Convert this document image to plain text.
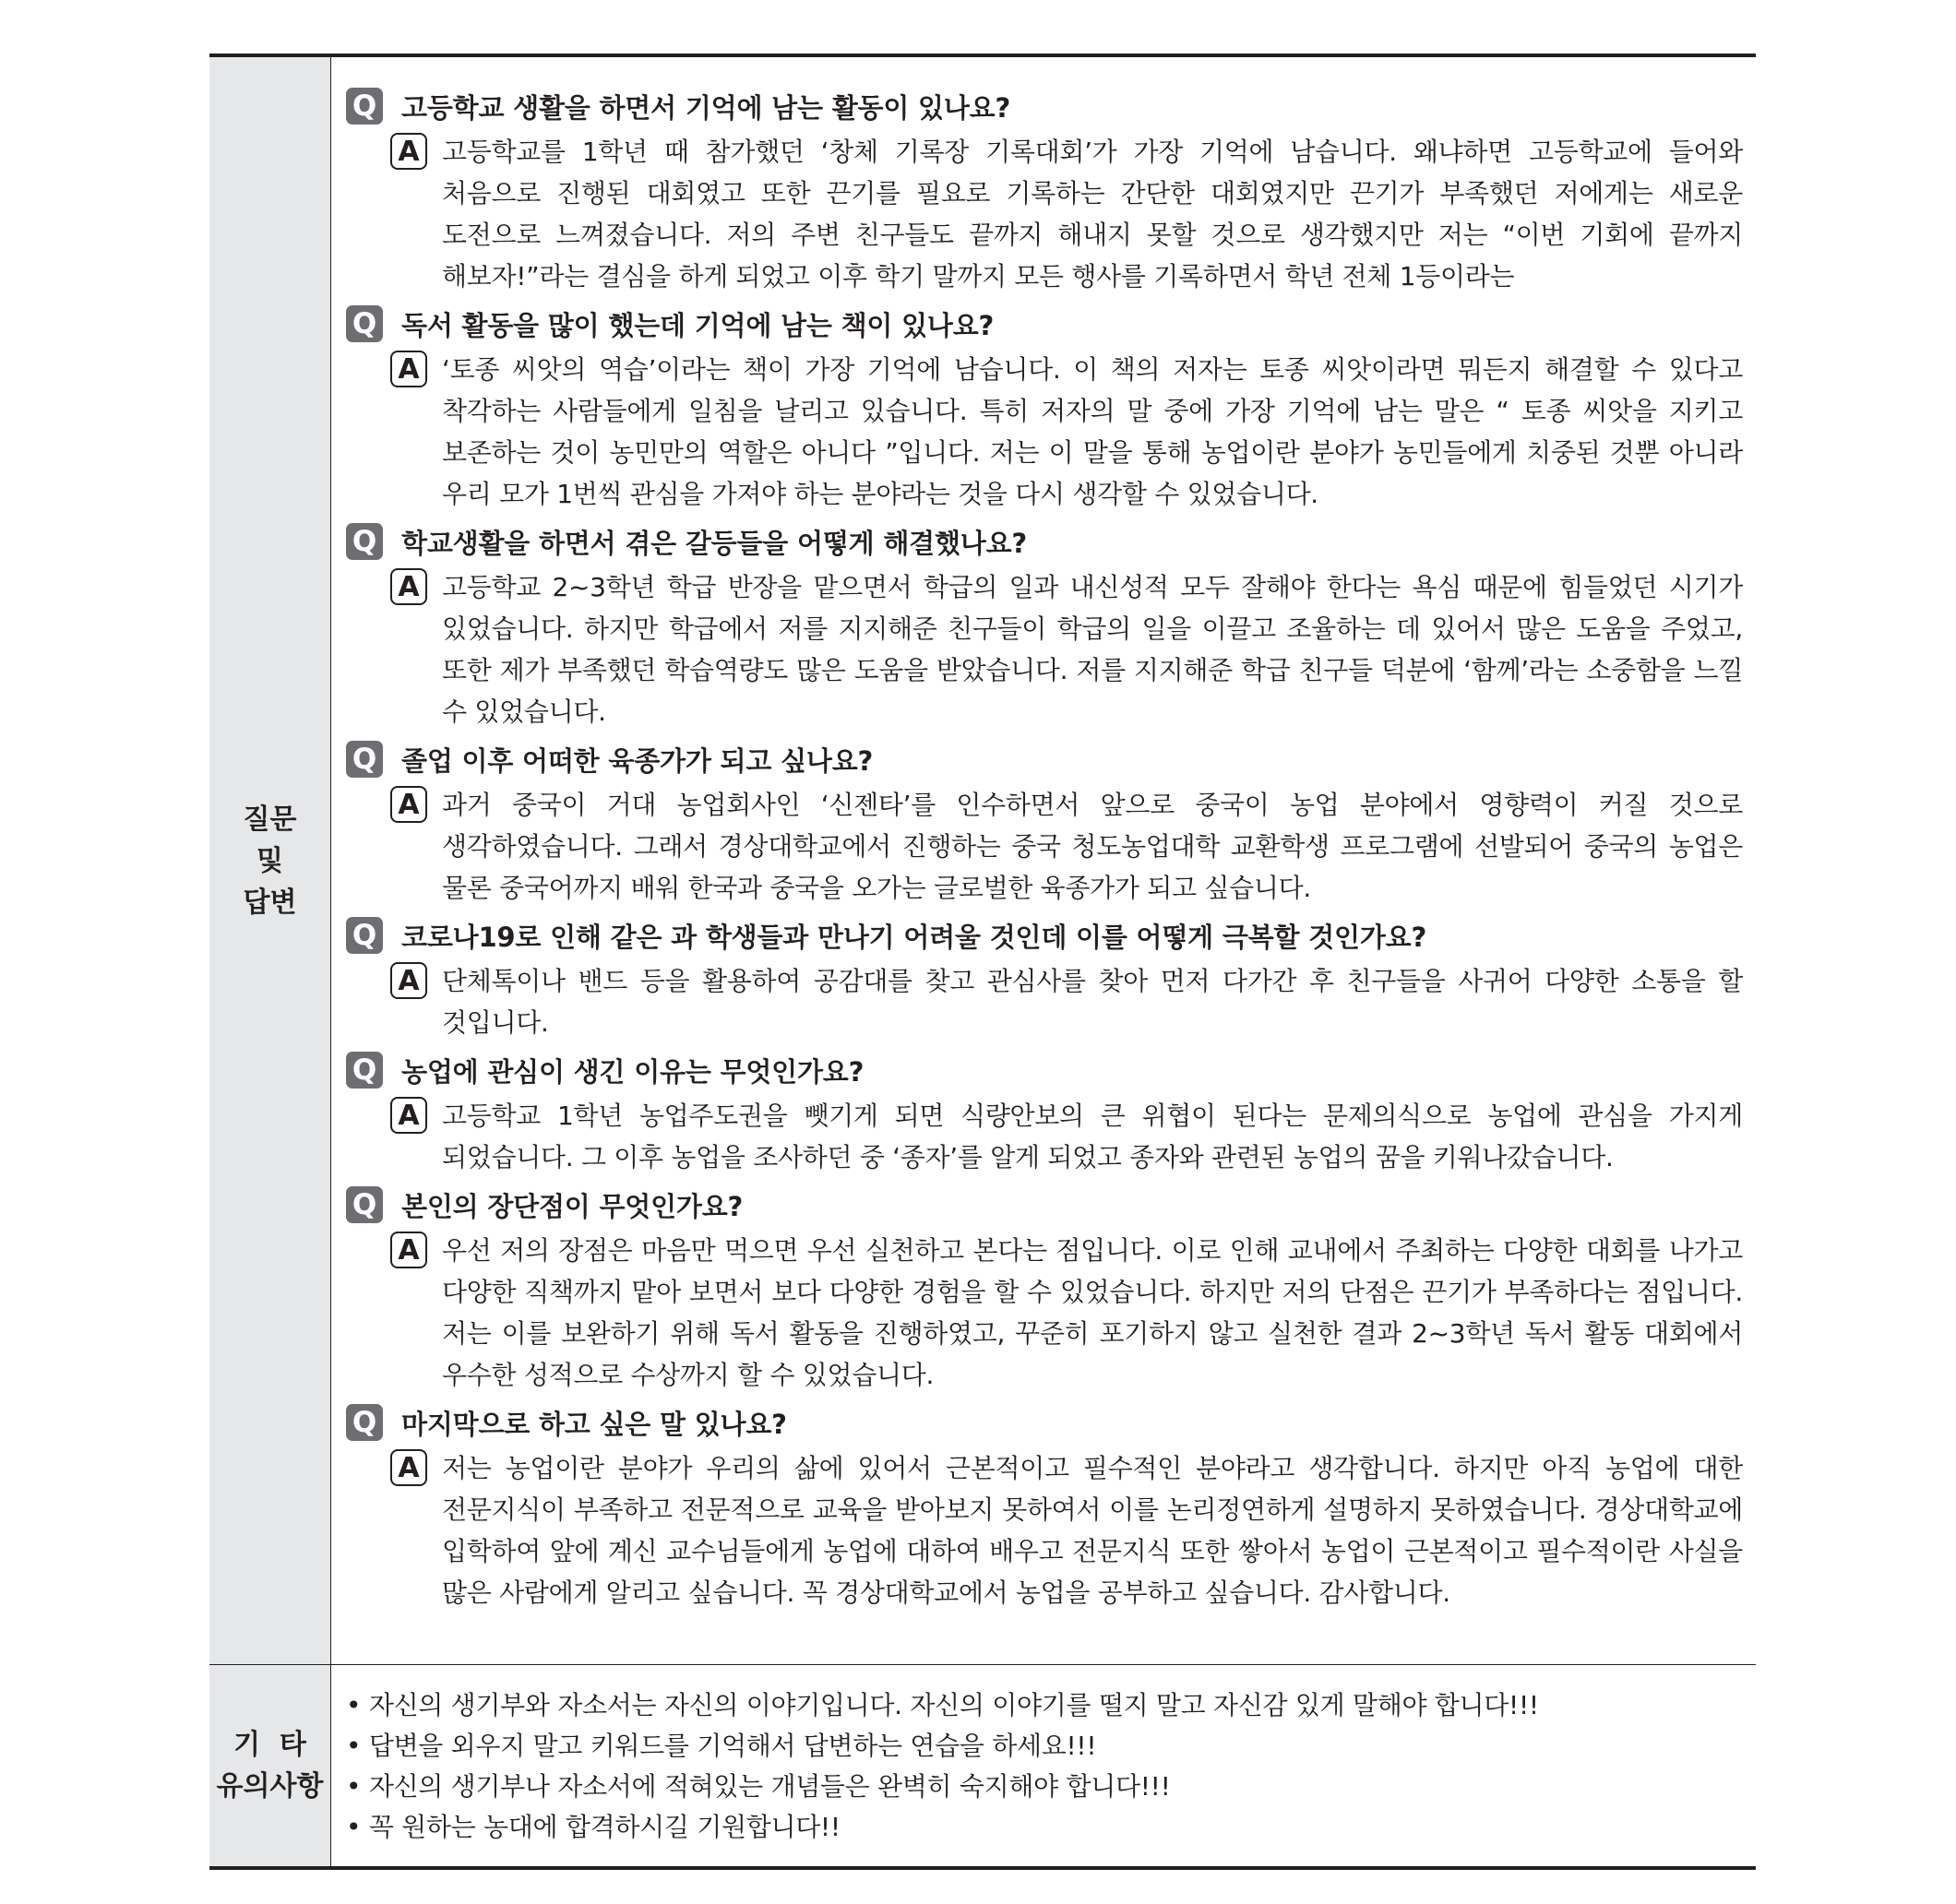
질문
및
답변
Q 고등학교 생활을 하면서 기억에 남는 활동이 있나요?
A 고등학교를 1학년 때 참가했던 ‘창체 기록장 기록대회’가 가장 기억에 남습니다. 왜냐하면 고등학교에 들어와 처음으로 진행된 대회였고 또한 끈기를 필요로 기록하는 간단한 대회였지만 끈기가 부족했던 저에게는 새로운 도전으로 느껴졌습니다. 저의 주변 친구들도 끝까지 해내지 못할 것으로 생각했지만 저는 “이번 기회에 끝까지 해보자!”라는 결심을 하게 되었고 이후 학기 말까지 모든 행사를 기록하면서 학년 전체 1등이라는
Q 독서 활동을 많이 했는데 기억에 남는 책이 있나요?
A ‘토종 씨앗의 역습’이라는 책이 가장 기억에 남습니다. 이 책의 저자는 토종 씨앗이라면 뭐든지 해결할 수 있다고 착각하는 사람들에게 일침을 날리고 있습니다. 특히 저자의 말 중에 가장 기억에 남는 말은 “ 토종 씨앗을 지키고 보존하는 것이 농민만의 역할은 아니다 ”입니다. 저는 이 말을 통해 농업이란 분야가 농민들에게 치중된 것뿐 아니라 우리 모가 1번씩 관심을 가져야 하는 분야라는 것을 다시 생각할 수 있었습니다.
Q 학교생활을 하면서 겪은 갈등들을 어떻게 해결했나요?
A 고등학교 2~3학년 학급 반장을 맡으면서 학급의 일과 내신성적 모두 잘해야 한다는 욕심 때문에 힘들었던 시기가 있었습니다. 하지만 학급에서 저를 지지해준 친구들이 학급의 일을 이끌고 조율하는 데 있어서 많은 도움을 주었고, 또한 제가 부족했던 학습역량도 많은 도움을 받았습니다. 저를 지지해준 학급 친구들 덕분에 ‘함께’라는 소중함을 느낄 수 있었습니다.
Q 졸업 이후 어떠한 육종가가 되고 싶나요?
A 과거 중국이 거대 농업회사인 ‘신젠타’를 인수하면서 앞으로 중국이 농업 분야에서 영향력이 커질 것으로 생각하였습니다. 그래서 경상대학교에서 진행하는 중국 청도농업대학 교환학생 프로그램에 선발되어 중국의 농업은 물론 중국어까지 배워 한국과 중국을 오가는 글로벌한 육종가가 되고 싶습니다.
Q 코로나19로 인해 같은 과 학생들과 만나기 어려울 것인데 이를 어떻게 극복할 것인가요?
A 단체톡이나 밴드 등을 활용하여 공감대를 찾고 관심사를 찾아 먼저 다가간 후 친구들을 사귀어 다양한 소통을 할 것입니다.
Q 농업에 관심이 생긴 이유는 무엇인가요?
A 고등학교 1학년 농업주도권을 뺏기게 되면 식량안보의 큰 위협이 된다는 문제의식으로 농업에 관심을 가지게 되었습니다. 그 이후 농업을 조사하던 중 ‘종자’를 알게 되었고 종자와 관련된 농업의 꿈을 키워나갔습니다.
Q 본인의 장단점이 무엇인가요?
A 우선 저의 장점은 마음만 먹으면 우선 실천하고 본다는 점입니다. 이로 인해 교내에서 주최하는 다양한 대회를 나가고 다양한 직책까지 맡아 보면서 보다 다양한 경험을 할 수 있었습니다. 하지만 저의 단점은 끈기가 부족하다는 점입니다. 저는 이를 보완하기 위해 독서 활동을 진행하였고, 꾸준히 포기하지 않고 실천한 결과 2~3학년 독서 활동 대회에서 우수한 성적으로 수상까지 할 수 있었습니다.
Q 마지막으로 하고 싶은 말 있나요?
A 저는 농업이란 분야가 우리의 삶에 있어서 근본적이고 필수적인 분야라고 생각합니다. 하지만 아직 농업에 대한 전문지식이 부족하고 전문적으로 교육을 받아보지 못하여서 이를 논리정연하게 설명하지 못하였습니다. 경상대학교에 입학하여 앞에 계신 교수님들에게 농업에 대하여 배우고 전문지식 또한 쌓아서 농업이 근본적이고 필수적이란 사실을 많은 사람에게 알리고 싶습니다. 꼭 경상대학교에서 농업을 공부하고 싶습니다. 감사합니다.
기  타
유의사항
• 자신의 생기부와 자소서는 자신의 이야기입니다. 자신의 이야기를 떨지 말고 자신감 있게 말해야 합니다!!!
• 답변을 외우지 말고 키워드를 기억해서 답변하는 연습을 하세요!!!
• 자신의 생기부나 자소서에 적혀있는 개념들은 완벽히 숙지해야 합니다!!!
• 꼭 원하는 농대에 합격하시길 기원합니다!!
